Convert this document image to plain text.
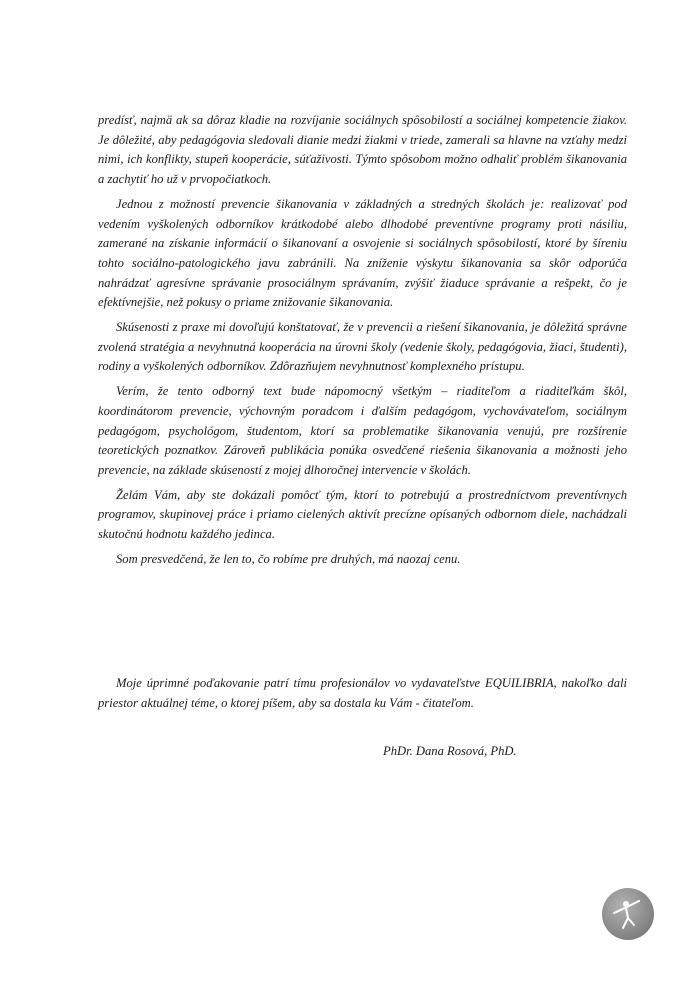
predísť, najmä ak sa dôraz kladie na rozvíjanie sociálnych spôsobilostí a sociálnej kompetencie žiakov. Je dôležité, aby pedagógovia sledovali dianie medzi žiakmi v triede, zamerali sa hlavne na vzťahy medzi nimi, ich konflikty, stupeň kooperácie, súťaživosti. Týmto spôsobom možno odhaliť problém šikanovania a zachytiť ho už v prvopočiatkoch.

Jednou z možností prevencie šikanovania v základných a stredných školách je: realizovať pod vedením vyškolených odborníkov krátkodobé alebo dlhodobé preventívne programy proti násiliu, zamerané na získanie informácií o šikanovaní a osvojenie si sociálnych spôsobilostí, ktoré by šíreniu tohto sociálno-patologického javu zabránili. Na zníženie výskytu šikanovania sa skôr odporúča nahrádzať agresívne správanie prosociálnym správaním, zvýšiť žiaducе správanie a rešpekt, čo je efektívnejšie, než pokusy o priame znižovanie šikanovania.

Skúsenosti z praxe mi dovoľujú konštatovať, že v prevencii a riešení šikanovania, je dôležitá správne zvolená stratégia a nevyhnutná kooperácia na úrovni školy (vedenie školy, pedagógovia, žiaci, študenti), rodiny a vyškolených odborníkov. Zdôrazňujem nevyhnutnosť komplexného prístupu.

Verím, že tento odborný text bude nápomocný všetkým – riaditeľom a riaditeľkám škôl, koordinátorom prevencie, výchovným poradcom i ďalším pedagógom, vychovávateľom, sociálnym pedagógom, psychológom, študentom, ktorí sa problematike šikanovania venujú, pre rozšírenie teoretických poznatkov. Zároveň publikácia ponúka osvedčené riešenia šikanovania a možnosti jeho prevencie, na základe skúseností z mojej dlhoročnej intervencie v školách.

Želám Vám, aby ste dokázali pomôcť tým, ktorí to potrebujú a prostredníctvom preventívnych programov, skupinovej práce i priamo cielených aktivít precízne opísaných odbornom diele, nachádzali skutočnú hodnotu každého jedinca.

Som presvedčená, že len to, čo robíme pre druhých, má naozaj cenu.

Moje úprimné poďakovanie patrí tímu profesionálov vo vydavateľstve EQUILIBRIA, nakoľko dali priestor aktuálnej téme, o ktorej píšem, aby sa dostala ku Vám - čitateľom.

PhDr. Dana Rosová, PhD.
